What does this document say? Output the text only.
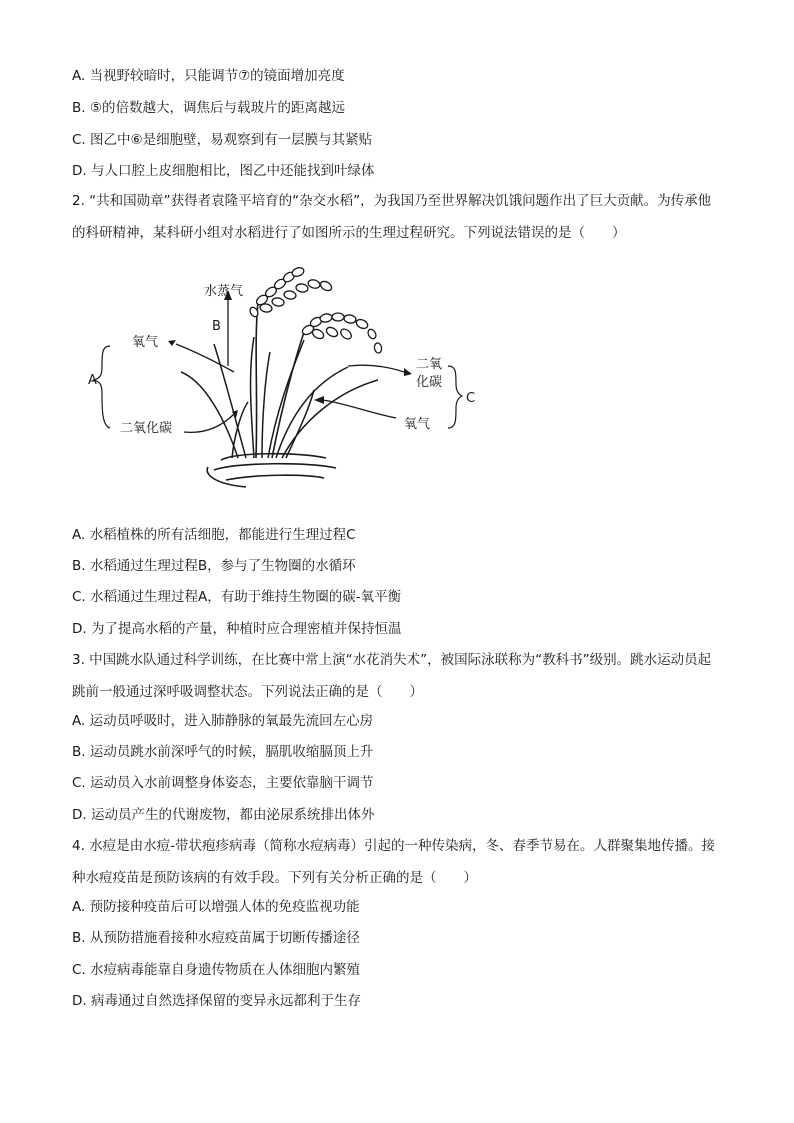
A. 当视野较暗时，只能调节⑦的镜面增加亮度
B. ⑤的倍数越大，调焦后与载玻片的距离越远
C. 图乙中⑥是细胞壁，易观察到有一层膜与其紧贴
D. 与人口腔上皮细胞相比，图乙中还能找到叶绿体
2. “共和国勋章”获得者袁隆平培育的“杂交水稻”，为我国乃至世界解决饥饿问题作出了巨大贡献。为传承他的科研精神，某科研小组对水稻进行了如图所示的生理过程研究。下列说法错误的是（　　）
水蒸气
B
氧气
二氧化碳
A
二氧
化碳
氧气
C
A. 水稻植株的所有活细胞，都能进行生理过程C
B. 水稻通过生理过程B，参与了生物圈的水循环
C. 水稻通过生理过程A，有助于维持生物圈的碳-氧平衡
D. 为了提高水稻的产量，种植时应合理密植并保持恒温
3. 中国跳水队通过科学训练，在比赛中常上演“水花消失术”，被国际泳联称为“教科书”级别。跳水运动员起跳前一般通过深呼吸调整状态。下列说法正确的是（　　）
A. 运动员呼吸时，进入肺静脉的氧最先流回左心房
B. 运动员跳水前深呼气的时候，膈肌收缩膈顶上升
C. 运动员入水前调整身体姿态，主要依靠脑干调节
D. 运动员产生的代谢废物，都由泌尿系统排出体外
4. 水痘是由水痘-带状疱疹病毒（简称水痘病毒）引起的一种传染病，冬、春季节易在。人群聚集地传播。接种水痘疫苗是预防该病的有效手段。下列有关分析正确的是（　　）
A. 预防接种疫苗后可以增强人体的免疫监视功能
B. 从预防措施看接种水痘疫苗属于切断传播途径
C. 水痘病毒能靠自身遗传物质在人体细胞内繁殖
D. 病毒通过自然选择保留的变异永远都利于生存
